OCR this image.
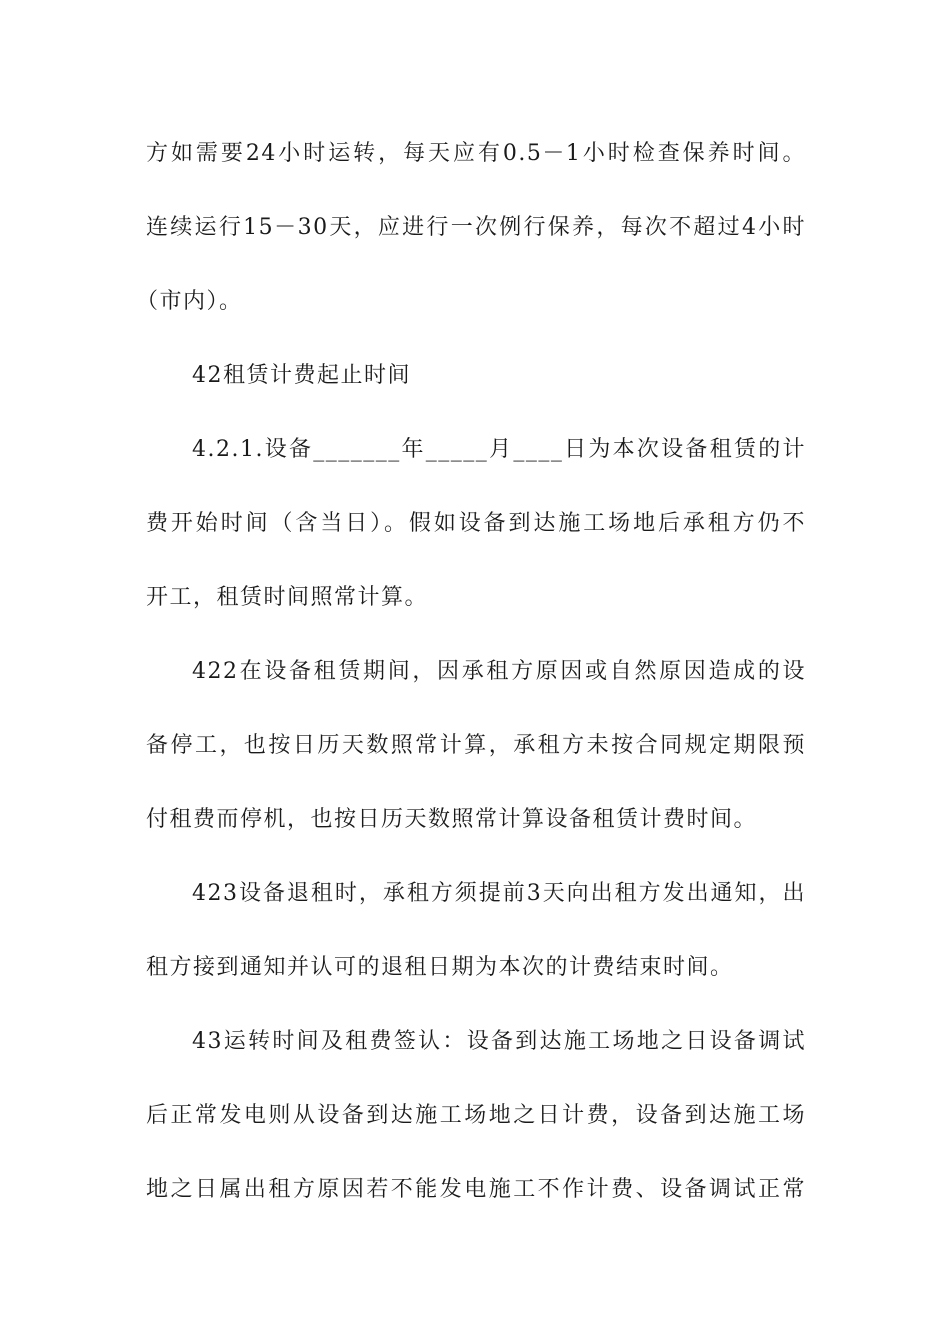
方如需要24小时运转，每天应有0.5－1小时检查保养时间。
连续运行15－30天，应进行一次例行保养，每次不超过4小时
（市内）。
42租赁计费起止时间
4.2.1.设备_______年_____月____日为本次设备租赁的计
费开始时间（含当日）。假如设备到达施工场地后承租方仍不
开工，租赁时间照常计算。
422在设备租赁期间，因承租方原因或自然原因造成的设
备停工，也按日历天数照常计算，承租方未按合同规定期限预
付租费而停机，也按日历天数照常计算设备租赁计费时间。
423设备退租时，承租方须提前3天向出租方发出通知，出
租方接到通知并认可的退租日期为本次的计费结束时间。
43运转时间及租费签认：设备到达施工场地之日设备调试
后正常发电则从设备到达施工场地之日计费，设备到达施工场
地之日属出租方原因若不能发电施工不作计费、设备调试正常
